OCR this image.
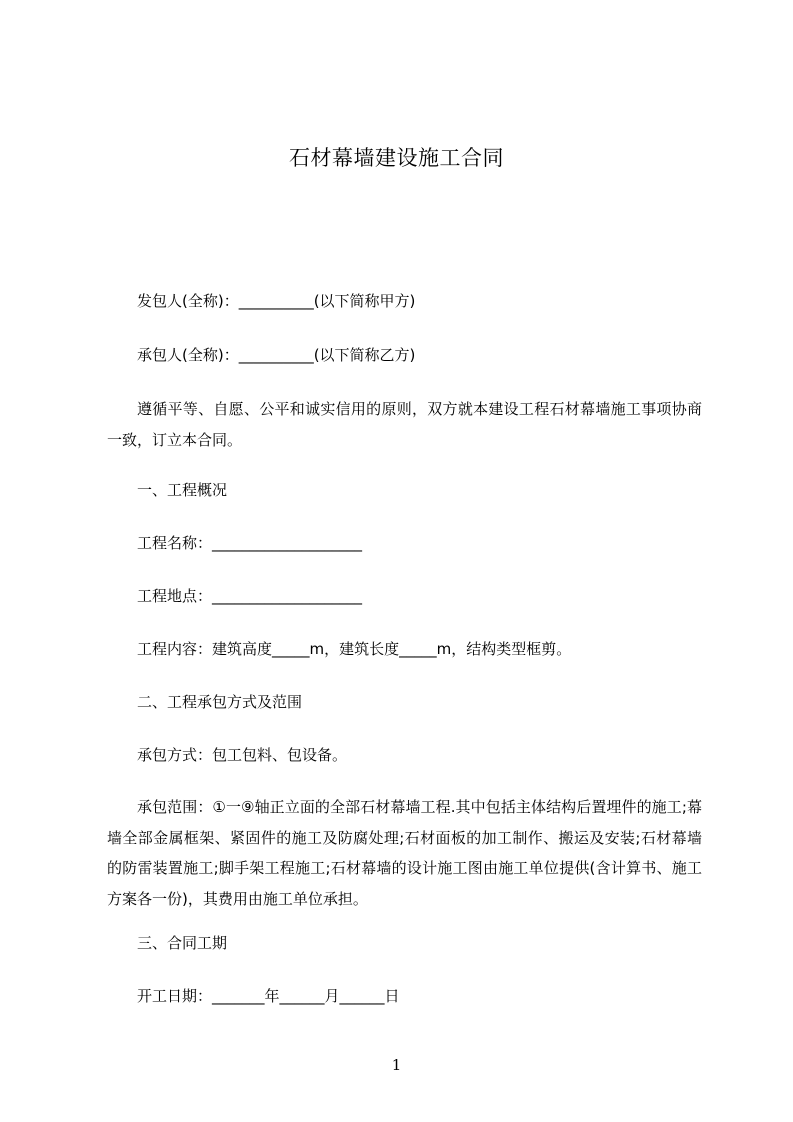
石材幕墙建设施工合同
发包人(全称)：__________(以下简称甲方)
承包人(全称)：__________(以下简称乙方)
遵循平等、自愿、公平和诚实信用的原则，双方就本建设工程石材幕墙施工事项协商一致，订立本合同。
一、工程概况
工程名称：____________________
工程地点：____________________
工程内容：建筑高度_____m，建筑长度_____m，结构类型框剪。
二、工程承包方式及范围
承包方式：包工包料、包设备。
承包范围：①一⑨轴正立面的全部石材幕墙工程.其中包括主体结构后置埋件的施工;幕墙全部金属框架、紧固件的施工及防腐处理;石材面板的加工制作、搬运及安装;石材幕墙的防雷装置施工;脚手架工程施工;石材幕墙的设计施工图由施工单位提供(含计算书、施工方案各一份)，其费用由施工单位承担。
三、合同工期
开工日期：_______年______月______日
1
